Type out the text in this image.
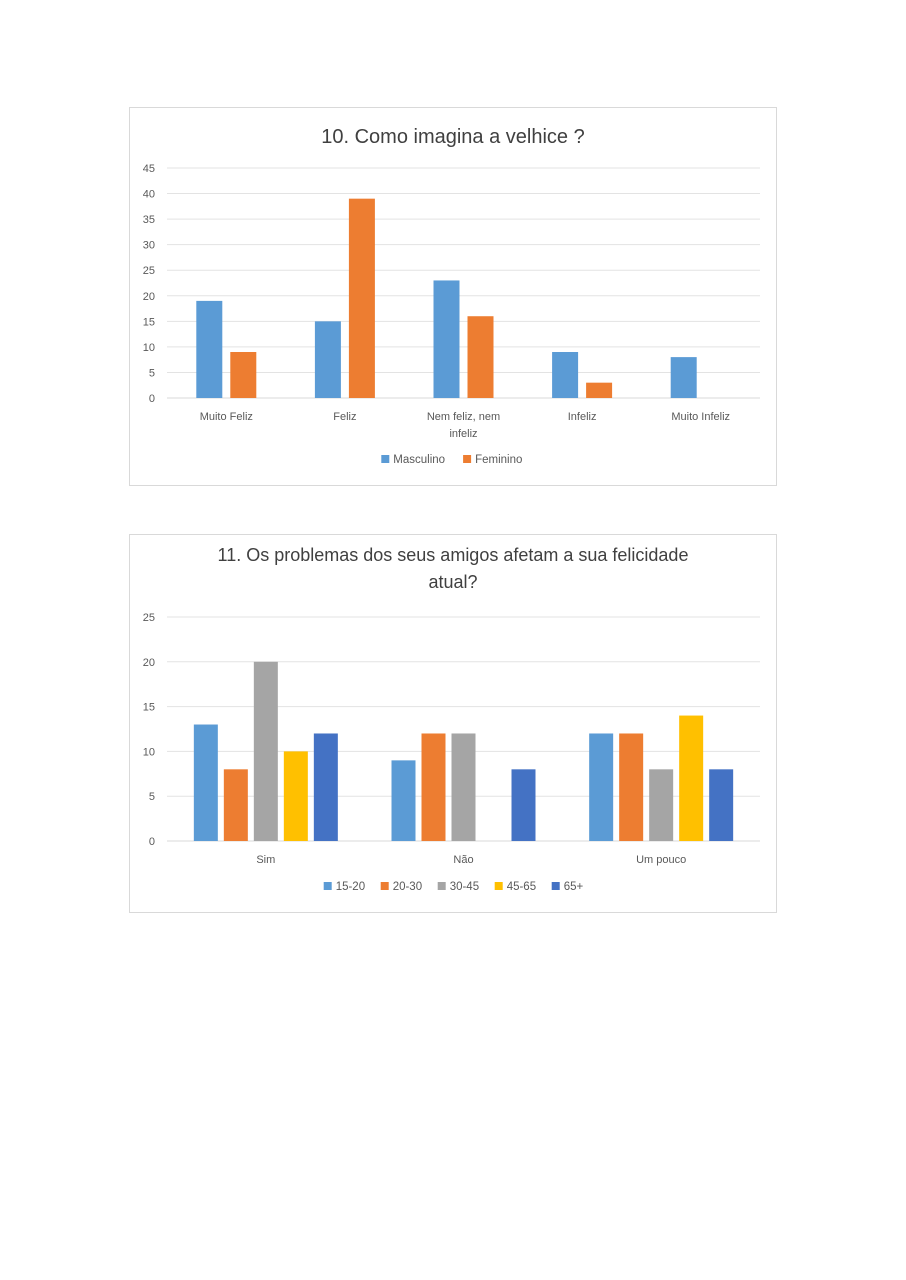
10. Como imagina a velhice ?
0
5
10
15
20
25
30
35
40
45
Muito Feliz	Feliz	Nem feliz, nem infeliz
Infeliz	Muito Infeliz
Masculino	Feminino
11. Os problemas dos seus amigos afetam a sua felicidade
atual?
0
5
10
15
20
25
Sim	Não	Um pouco
15-20 20-30 30-45 45-65 65+
